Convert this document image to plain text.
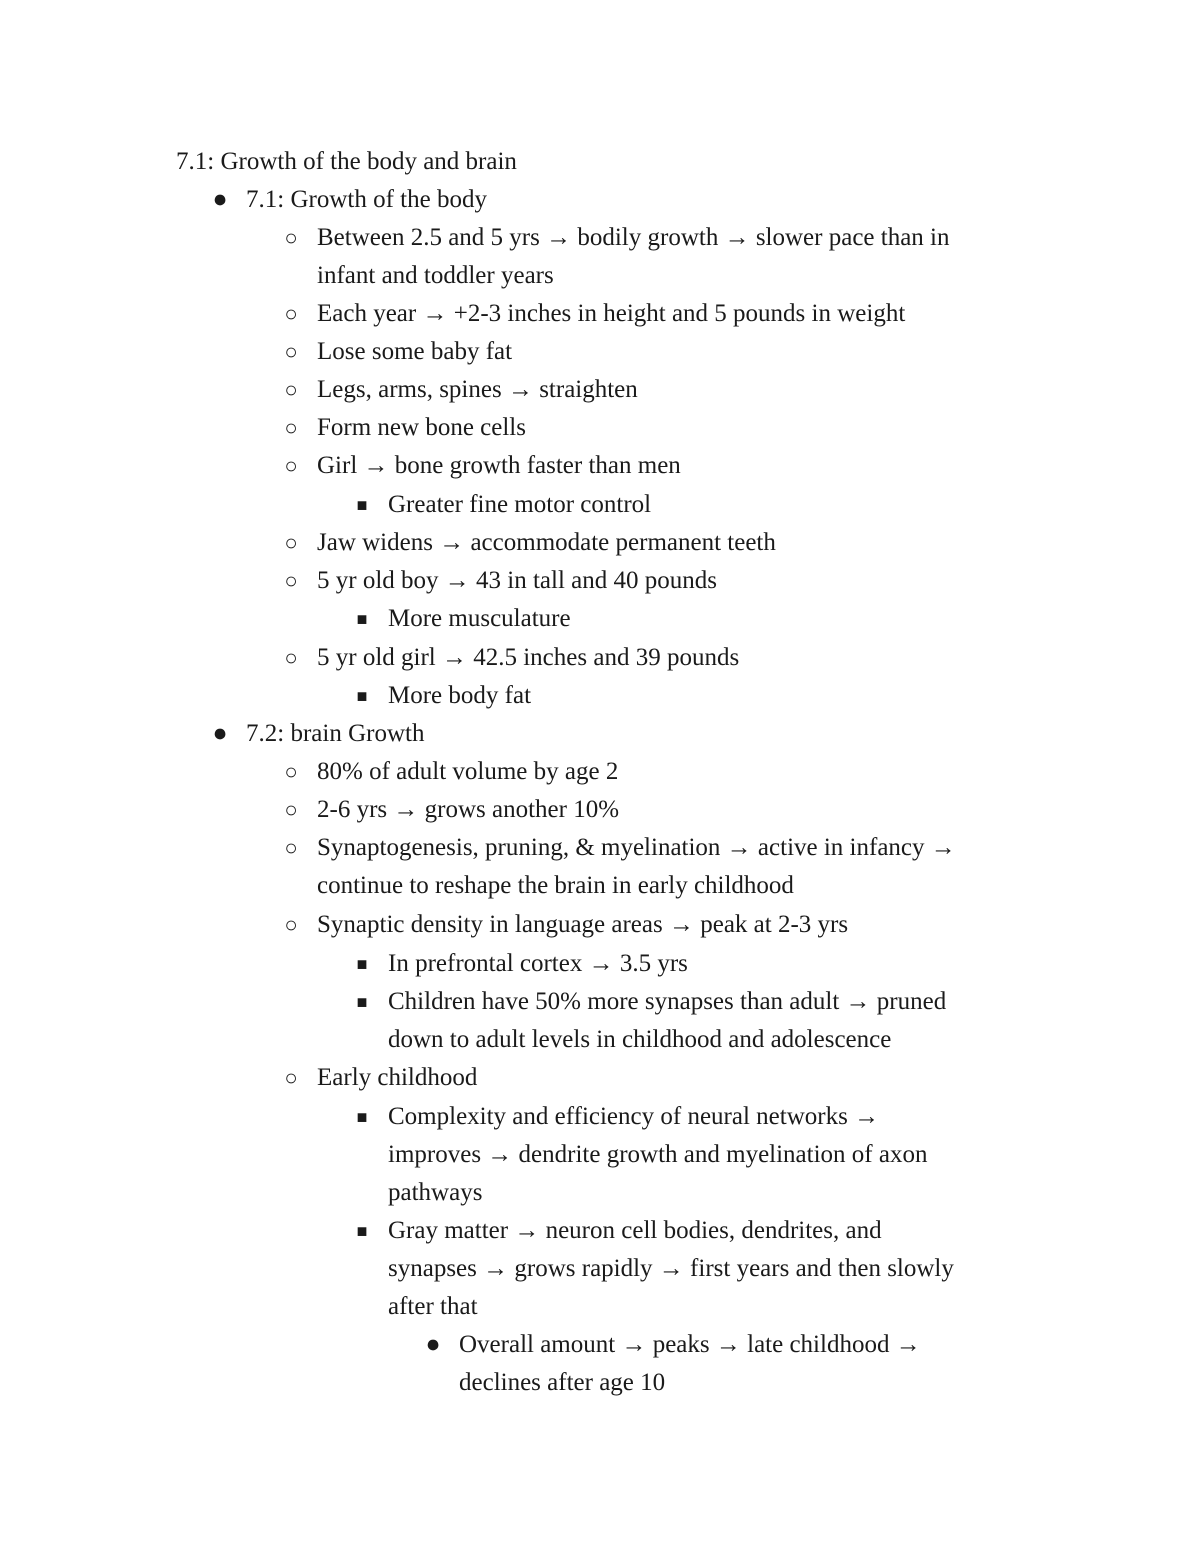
7.1: Growth of the body and brain
● 7.1: Growth of the body
○ Between 2.5 and 5 yrs → bodily growth → slower pace than in
infant and toddler years
○ Each year → +2-3 inches in height and 5 pounds in weight
○ Lose some baby fat
○ Legs, arms, spines → straighten
○ Form new bone cells
○ Girl → bone growth faster than men
■ Greater fine motor control
○ Jaw widens → accommodate permanent teeth
○ 5 yr old boy → 43 in tall and 40 pounds
■ More musculature
○ 5 yr old girl → 42.5 inches and 39 pounds
■ More body fat
● 7.2: brain Growth
○ 80% of adult volume by age 2
○ 2-6 yrs → grows another 10%
○ Synaptogenesis, pruning, & myelination → active in infancy →
continue to reshape the brain in early childhood
○ Synaptic density in language areas → peak at 2-3 yrs
■ In prefrontal cortex → 3.5 yrs
■ Children have 50% more synapses than adult → pruned
down to adult levels in childhood and adolescence
○ Early childhood
■ Complexity and efficiency of neural networks →
improves → dendrite growth and myelination of axon
pathways
■ Gray matter → neuron cell bodies, dendrites, and
synapses → grows rapidly → first years and then slowly
after that
● Overall amount → peaks → late childhood →
declines after age 10
